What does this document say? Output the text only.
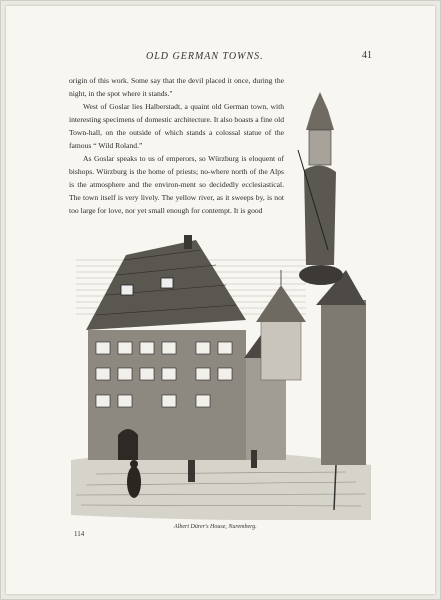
OLD GERMAN TOWNS.	41

origin of this work. Some say that the devil placed it once, during the night, in the spot where it stands."

West of Goslar lies Halberstadt, a quaint old German town, with interesting specimens of domestic architecture. It also boasts a fine old Town-hall, on the outside of which stands a colossal statue of the famous “ Wild Roland.”

As Goslar speaks to us of emperors, so Würzburg is eloquent of bishops. Würzburg is the home of priests; no-where north of the Alps is the atmosphere and the environ-ment so decidedly ecclesiastical. The town itself is very lively. The yellow river, as it sweeps by, is not too large for love, nor yet small enough for contempt. It is good

Albert Dürer's House, Nuremberg.
114
